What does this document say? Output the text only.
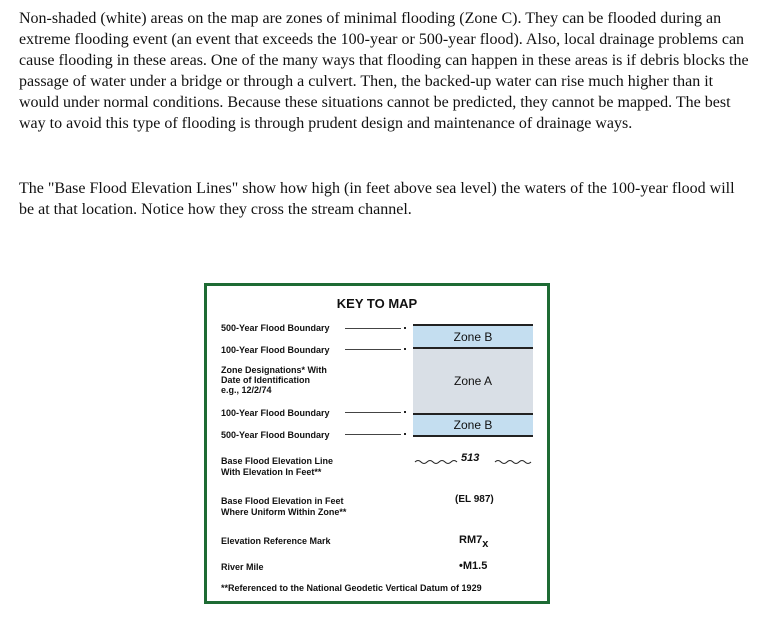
Non-shaded (white) areas on the map are zones of minimal flooding (Zone C). They can be flooded during an extreme flooding event (an event that exceeds the 100-year or 500-year flood). Also, local drainage problems can cause flooding in these areas. One of the many ways that flooding can happen in these areas is if debris blocks the passage of water under a bridge or through a culvert. Then, the backed-up water can rise much higher than it would under normal conditions. Because these situations cannot be predicted, they cannot be mapped. The best way to avoid this type of flooding is through prudent design and maintenance of drainage ways.
The "Base Flood Elevation Lines" show how high (in feet above sea level) the waters of the 100-year flood will be at that location. Notice how they cross the stream channel.
KEY TO MAP
500-Year Flood Boundary
100-Year Flood Boundary
Zone B
Zone A
Zone B
Zone Designations* With
Date of Identification
e.g., 12/2/74
100-Year Flood Boundary
500-Year Flood Boundary
Base Flood Elevation Line
With Elevation In Feet**
513
Base Flood Elevation in Feet
Where Uniform Within Zone**
(EL 987)
Elevation Reference Mark	RM7x
River Mile	•M1.5
**Referenced to the National Geodetic Vertical Datum of 1929
